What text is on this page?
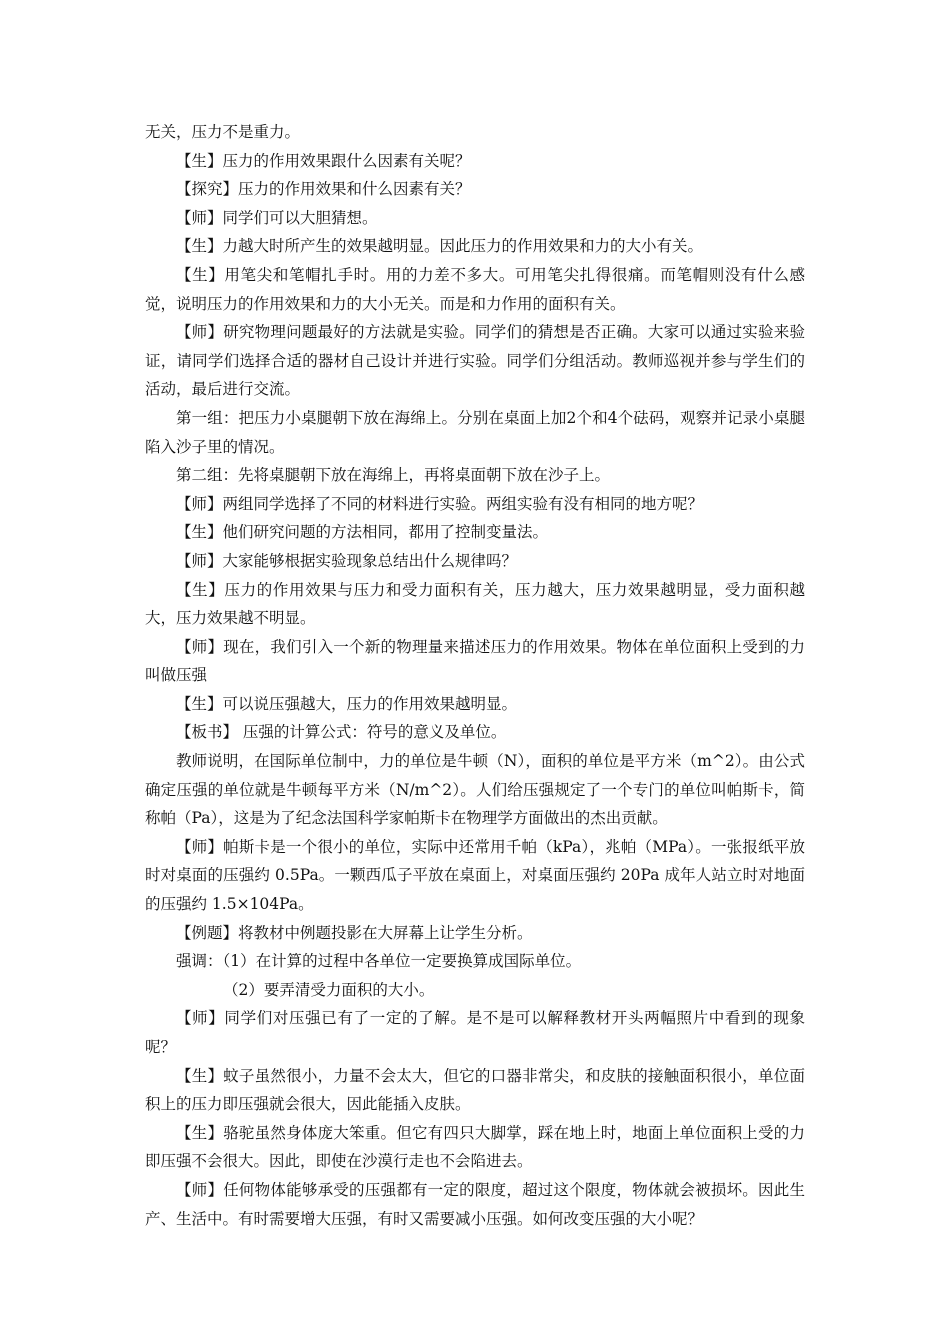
无关，压力不是重力。

【生】压力的作用效果跟什么因素有关呢？

【探究】压力的作用效果和什么因素有关？

【师】同学们可以大胆猜想。

【生】力越大时所产生的效果越明显。因此压力的作用效果和力的大小有关。

【生】用笔尖和笔帽扎手时。用的力差不多大。可用笔尖扎得很痛。而笔帽则没有什么感觉，说明压力的作用效果和力的大小无关。而是和力作用的面积有关。

【师】研究物理问题最好的方法就是实验。同学们的猜想是否正确。大家可以通过实验来验证，请同学们选择合适的器材自己设计并进行实验。同学们分组活动。教师巡视并参与学生们的活动，最后进行交流。

第一组：把压力小桌腿朝下放在海绵上。分别在桌面上加2个和4个砝码，观察并记录小桌腿陷入沙子里的情况。

第二组：先将桌腿朝下放在海绵上，再将桌面朝下放在沙子上。

【师】两组同学选择了不同的材料进行实验。两组实验有没有相同的地方呢？

【生】他们研究问题的方法相同，都用了控制变量法。

【师】大家能够根据实验现象总结出什么规律吗？

【生】压力的作用效果与压力和受力面积有关，压力越大，压力效果越明显，受力面积越大，压力效果越不明显。

【师】现在，我们引入一个新的物理量来描述压力的作用效果。物体在单位面积上受到的力叫做压强

【生】可以说压强越大，压力的作用效果越明显。

【板书】 压强的计算公式：符号的意义及单位。

教师说明，在国际单位制中，力的单位是牛顿（N），面积的单位是平方米（m^2）。由公式确定压强的单位就是牛顿每平方米（N/m^2）。人们给压强规定了一个专门的单位叫帕斯卡，简称帕（Pa），这是为了纪念法国科学家帕斯卡在物理学方面做出的杰出贡献。

【师】帕斯卡是一个很小的单位，实际中还常用千帕（kPa），兆帕（MPa）。一张报纸平放时对桌面的压强约 0.5Pa。一颗西瓜子平放在桌面上，对桌面压强约 20Pa 成年人站立时对地面的压强约 1.5×104Pa。

【例题】将教材中例题投影在大屏幕上让学生分析。

强调：（1）在计算的过程中各单位一定要换算成国际单位。

（2）要弄清受力面积的大小。

【师】同学们对压强已有了一定的了解。是不是可以解释教材开头两幅照片中看到的现象呢？

【生】蚊子虽然很小，力量不会太大，但它的口器非常尖，和皮肤的接触面积很小，单位面积上的压力即压强就会很大，因此能插入皮肤。

【生】骆驼虽然身体庞大笨重。但它有四只大脚掌，踩在地上时，地面上单位面积上受的力即压强不会很大。因此，即使在沙漠行走也不会陷进去。

【师】任何物体能够承受的压强都有一定的限度，超过这个限度，物体就会被损坏。因此生产、生活中。有时需要增大压强，有时又需要减小压强。如何改变压强的大小呢？
